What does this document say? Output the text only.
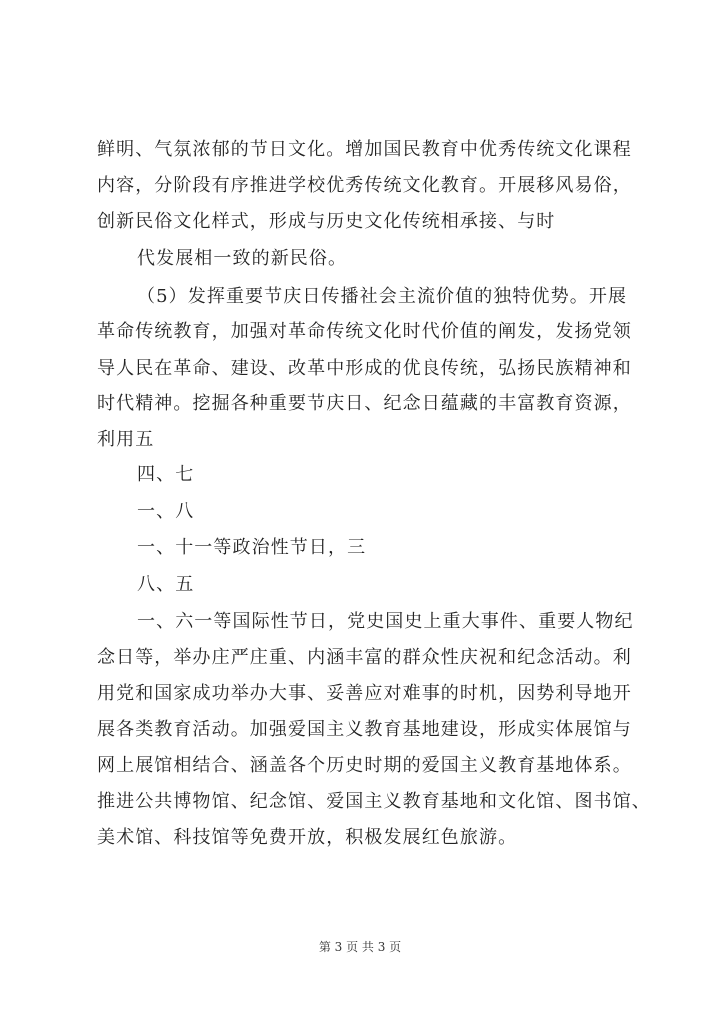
鲜明、气氛浓郁的节日文化。增加国民教育中优秀传统文化课程
内容，分阶段有序推进学校优秀传统文化教育。开展移风易俗，
创新民俗文化样式，形成与历史文化传统相承接、与时
代发展相一致的新民俗。
（5）发挥重要节庆日传播社会主流价值的独特优势。开展
革命传统教育，加强对革命传统文化时代价值的阐发，发扬党领
导人民在革命、建设、改革中形成的优良传统，弘扬民族精神和
时代精神。挖掘各种重要节庆日、纪念日蕴藏的丰富教育资源，
利用五
四、七
一、八
一、十一等政治性节日，三
八、五
一、六一等国际性节日，党史国史上重大事件、重要人物纪
念日等，举办庄严庄重、内涵丰富的群众性庆祝和纪念活动。利
用党和国家成功举办大事、妥善应对难事的时机，因势利导地开
展各类教育活动。加强爱国主义教育基地建设，形成实体展馆与
网上展馆相结合、涵盖各个历史时期的爱国主义教育基地体系。
推进公共博物馆、纪念馆、爱国主义教育基地和文化馆、图书馆、
美术馆、科技馆等免费开放，积极发展红色旅游。
第 3 页 共 3 页
